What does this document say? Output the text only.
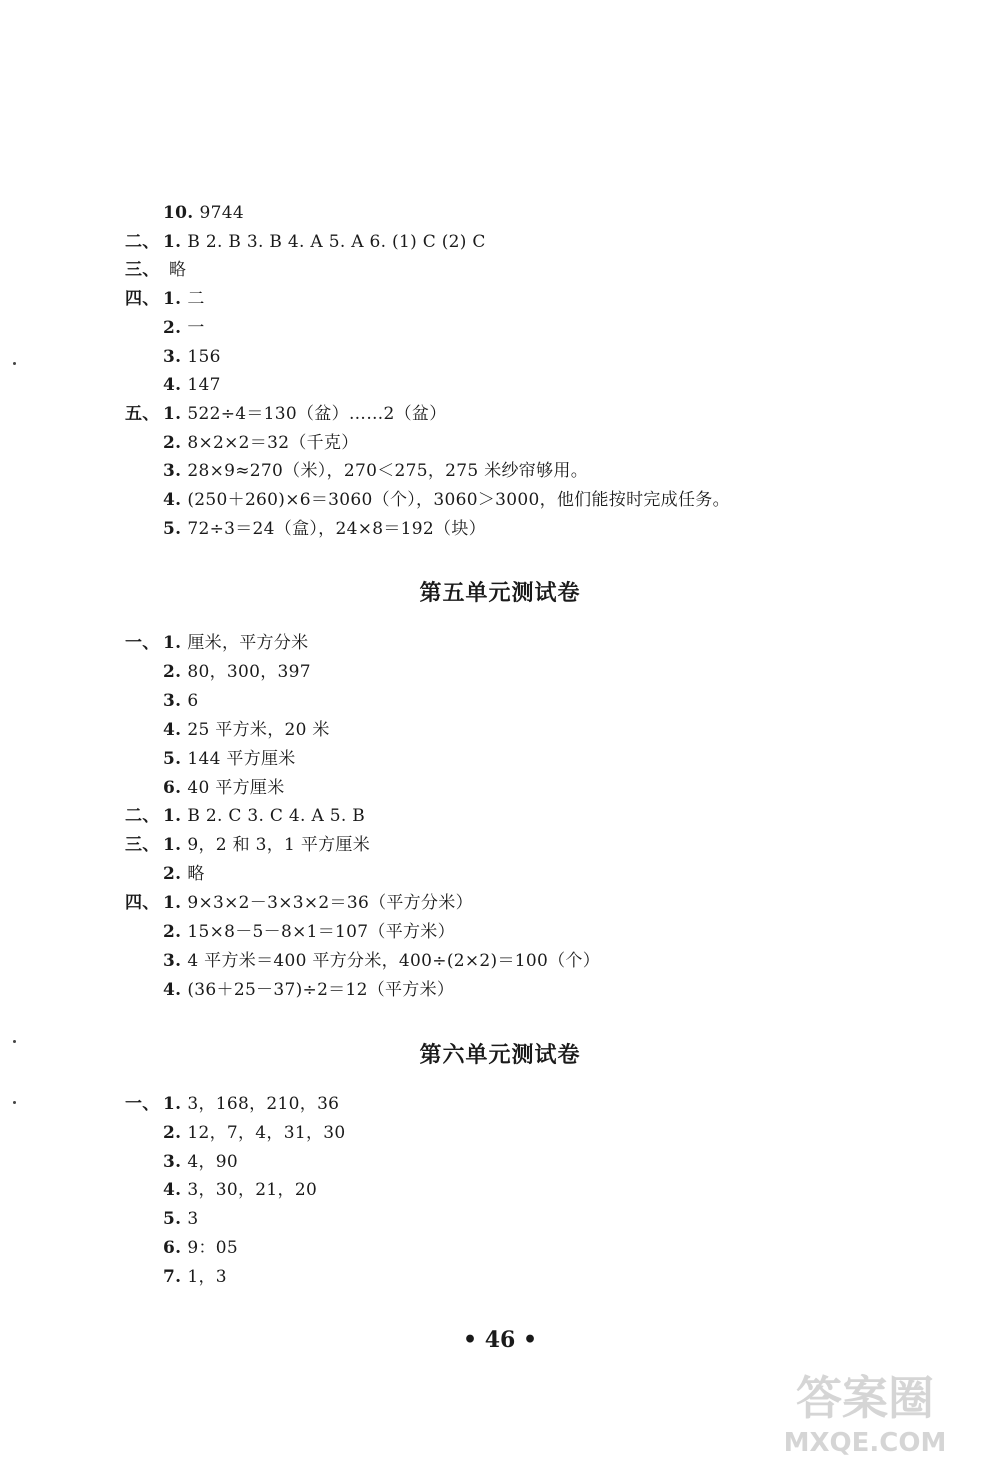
10. 9744
二、 1. B 2. B 3. B 4. A 5. A 6. (1) C (2) C
三、 略
四、 1. 二
2. 一
3. 156
4. 147
五、 1. 522÷4＝130（盆）……2（盆）
2. 8×2×2＝32（千克）
3. 28×9≈270（米），270＜275，275 米纱帘够用。
4. (250＋260)×6＝3060（个），3060＞3000，他们能按时完成任务。
5. 72÷3＝24（盒），24×8＝192（块）
第五单元测试卷
一、 1. 厘米，平方分米
2. 80，300，397
3. 6
4. 25 平方米，20 米
5. 144 平方厘米
6. 40 平方厘米
二、 1. B 2. C 3. C 4. A 5. B
三、 1. 9，2 和 3，1 平方厘米
2. 略
四、 1. 9×3×2－3×3×2＝36（平方分米）
2. 15×8－5－8×1＝107（平方米）
3. 4 平方米＝400 平方分米，400÷(2×2)＝100（个）
4. (36＋25－37)÷2＝12（平方米）
第六单元测试卷
一、 1. 3，168，210，36
2. 12，7，4，31，30
3. 4，90
4. 3，30，21，20
5. 3
6. 9：05
7. 1，3
• 46 •
答案圈
MXQE.COM
